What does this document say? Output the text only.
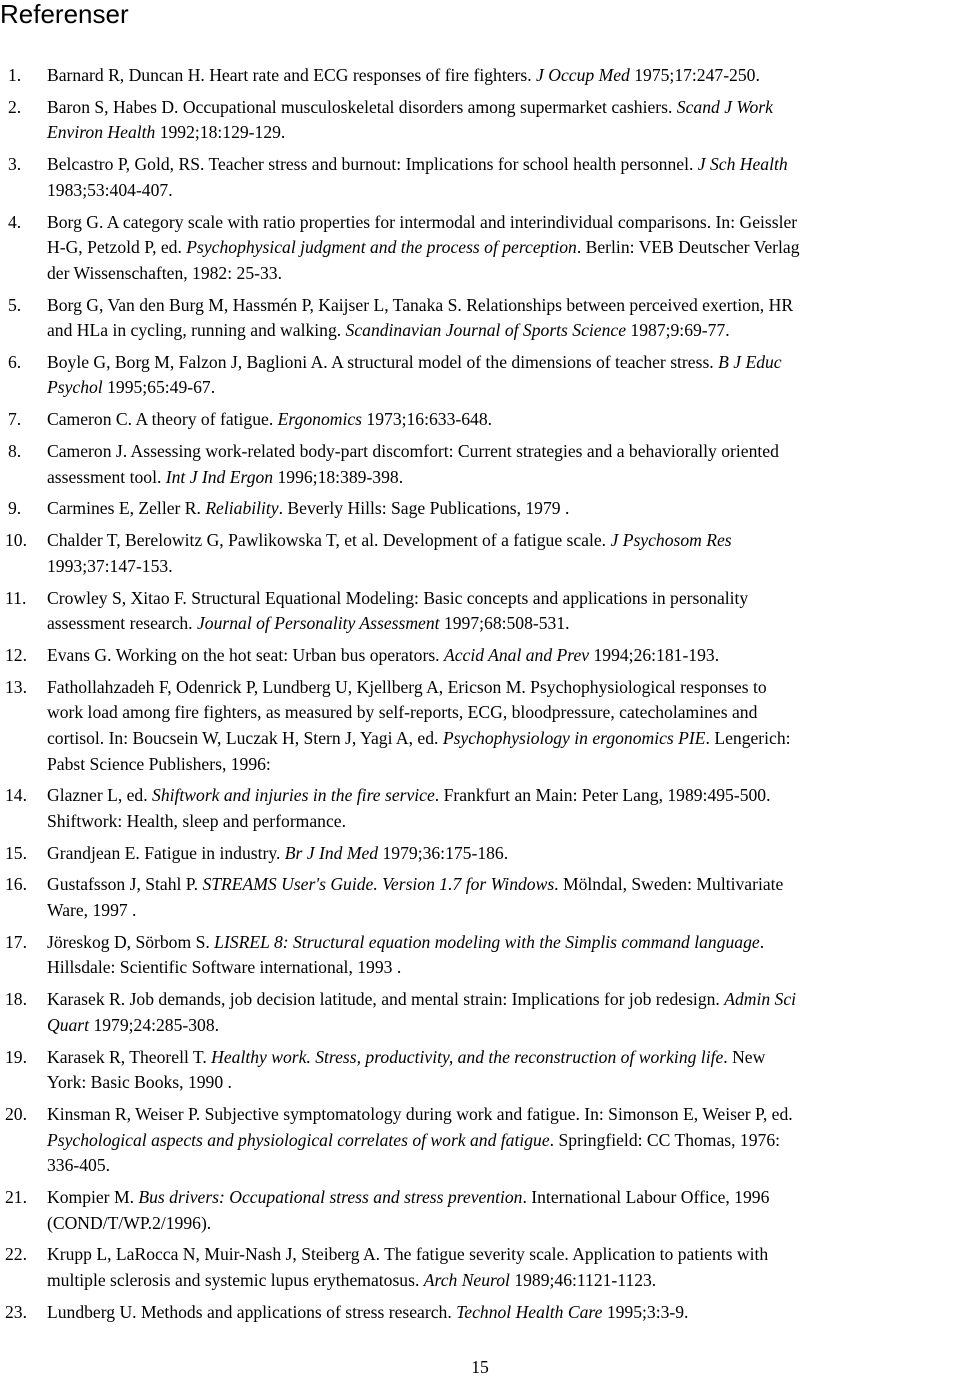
Referenser
1. Barnard R, Duncan H. Heart rate and ECG responses of fire fighters. J Occup Med 1975;17:247-250.
2. Baron S, Habes D. Occupational musculoskeletal disorders among supermarket cashiers. Scand J Work
Environ Health 1992;18:129-129.
3. Belcastro P, Gold, RS. Teacher stress and burnout: Implications for school health personnel. J Sch Health
1983;53:404-407.
4. Borg G. A category scale with ratio properties for intermodal and interindividual comparisons. In: Geissler
H-G, Petzold P, ed. Psychophysical judgment and the process of perception. Berlin: VEB Deutscher Verlag
der Wissenschaften, 1982: 25-33.
5. Borg G, Van den Burg M, Hassmén P, Kaijser L, Tanaka S. Relationships between perceived exertion, HR
and HLa in cycling, running and walking. Scandinavian Journal of Sports Science 1987;9:69-77.
6. Boyle G, Borg M, Falzon J, Baglioni A. A structural model of the dimensions of teacher stress. B J Educ
Psychol 1995;65:49-67.
7. Cameron C. A theory of fatigue. Ergonomics 1973;16:633-648.
8. Cameron J. Assessing work-related body-part discomfort: Current strategies and a behaviorally oriented
assessment tool. Int J Ind Ergon 1996;18:389-398.
9. Carmines E, Zeller R. Reliability. Beverly Hills: Sage Publications, 1979 .
10. Chalder T, Berelowitz G, Pawlikowska T, et al. Development of a fatigue scale. J Psychosom Res
1993;37:147-153.
11. Crowley S, Xitao F. Structural Equational Modeling: Basic concepts and applications in personality
assessment research. Journal of Personality Assessment 1997;68:508-531.
12. Evans G. Working on the hot seat: Urban bus operators. Accid Anal and Prev 1994;26:181-193.
13. Fathollahzadeh F, Odenrick P, Lundberg U, Kjellberg A, Ericson M. Psychophysiological responses to
work load among fire fighters, as measured by self-reports, ECG, bloodpressure, catecholamines and
cortisol. In: Boucsein W, Luczak H, Stern J, Yagi A, ed. Psychophysiology in ergonomics PIE. Lengerich:
Pabst Science Publishers, 1996:
14. Glazner L, ed. Shiftwork and injuries in the fire service. Frankfurt an Main: Peter Lang, 1989:495-500.
Shiftwork: Health, sleep and performance.
15. Grandjean E. Fatigue in industry. Br J Ind Med 1979;36:175-186.
16. Gustafsson J, Stahl P. STREAMS User's Guide. Version 1.7 for Windows. Mölndal, Sweden: Multivariate
Ware, 1997 .
17. Jöreskog D, Sörbom S. LISREL 8: Structural equation modeling with the Simplis command language.
Hillsdale: Scientific Software international, 1993 .
18. Karasek R. Job demands, job decision latitude, and mental strain: Implications for job redesign. Admin Sci
Quart 1979;24:285-308.
19. Karasek R, Theorell T. Healthy work. Stress, productivity, and the reconstruction of working life. New
York: Basic Books, 1990 .
20. Kinsman R, Weiser P. Subjective symptomatology during work and fatigue. In: Simonson E, Weiser P, ed.
Psychological aspects and physiological correlates of work and fatigue. Springfield: CC Thomas, 1976:
336-405.
21. Kompier M. Bus drivers: Occupational stress and stress prevention. International Labour Office, 1996
(COND/T/WP.2/1996).
22. Krupp L, LaRocca N, Muir-Nash J, Steiberg A. The fatigue severity scale. Application to patients with
multiple sclerosis and systemic lupus erythematosus. Arch Neurol 1989;46:1121-1123.
23. Lundberg U. Methods and applications of stress research. Technol Health Care 1995;3:3-9.
15
